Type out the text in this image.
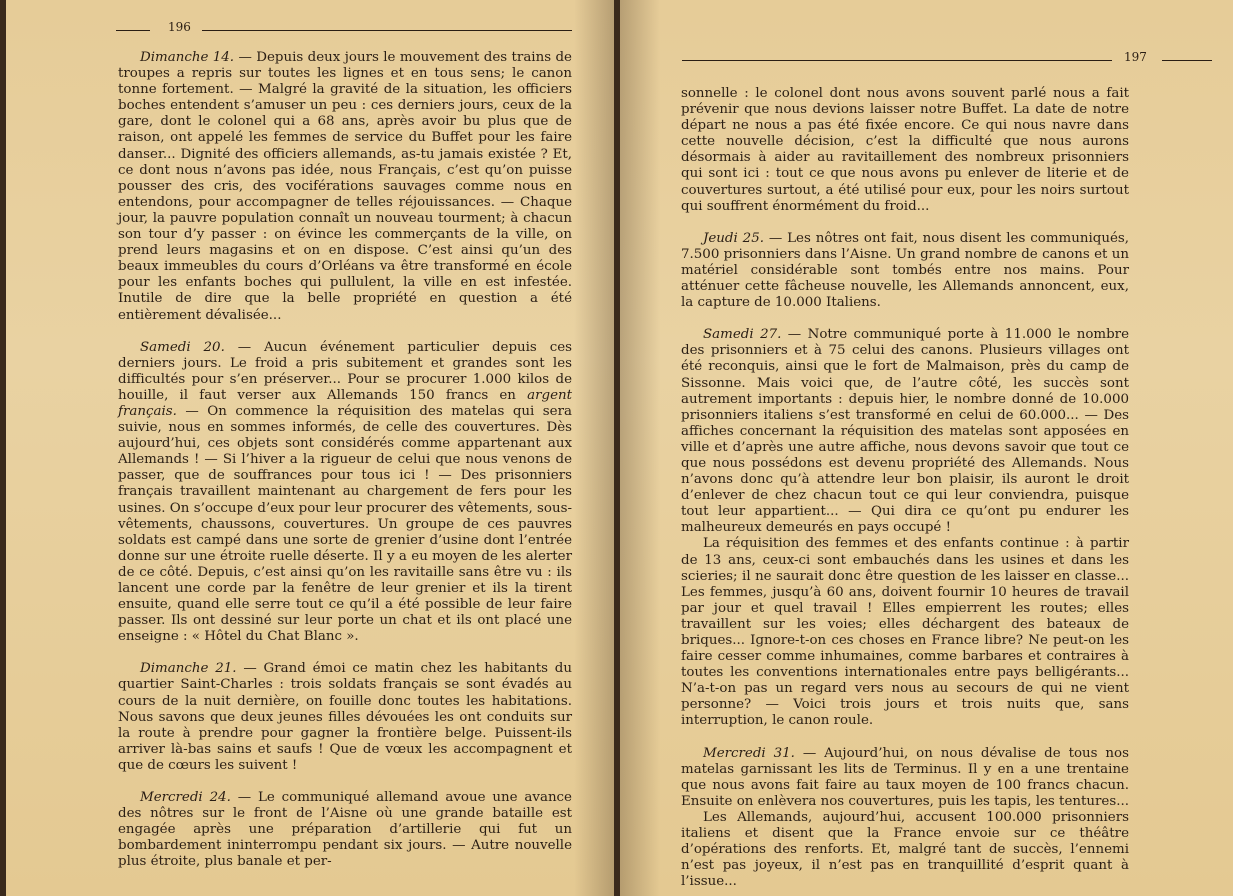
196

Dimanche 14. — Depuis deux jours le mouvement des trains de troupes a repris sur toutes les lignes et en tous sens; le canon tonne fortement. — Malgré la gravité de la situation, les officiers boches entendent s’amuser un peu : ces derniers jours, ceux de la gare, dont le colonel qui a 68 ans, après avoir bu plus que de raison, ont appelé les femmes de service du Buffet pour les faire danser... Dignité des officiers allemands, as-tu jamais existée ? Et, ce dont nous n’avons pas idée, nous Français, c’est qu’on puisse pousser des cris, des vociférations sauvages comme nous en entendons, pour accompagner de telles réjouissances. — Chaque jour, la pauvre population connaît un nouveau tourment; à chacun son tour d’y passer : on évince les commerçants de la ville, on prend leurs magasins et on en dispose. C’est ainsi qu’un des beaux immeubles du cours d’Orléans va être transformé en école pour les enfants boches qui pullulent, la ville en est infestée. Inutile de dire que la belle propriété en question a été entièrement dévalisée...

Samedi 20. — Aucun événement particulier depuis ces derniers jours. Le froid a pris subitement et grandes sont les difficultés pour s’en préserver... Pour se procurer 1.000 kilos de houille, il faut verser aux Allemands 150 francs en argent français. — On commence la réquisition des matelas qui sera suivie, nous en sommes informés, de celle des couvertures. Dès aujourd’hui, ces objets sont considérés comme appartenant aux Allemands ! — Si l’hiver a la rigueur de celui que nous venons de passer, que de souffrances pour tous ici ! — Des prisonniers français travaillent maintenant au chargement de fers pour les usines. On s’occupe d’eux pour leur procurer des vêtements, sous-vêtements, chaussons, couvertures. Un groupe de ces pauvres soldats est campé dans une sorte de grenier d’usine dont l’entrée donne sur une étroite ruelle déserte. Il y a eu moyen de les alerter de ce côté. Depuis, c’est ainsi qu’on les ravitaille sans être vu : ils lancent une corde par la fenêtre de leur grenier et ils la tirent ensuite, quand elle serre tout ce qu’il a été possible de leur faire passer. Ils ont dessiné sur leur porte un chat et ils ont placé une enseigne : « Hôtel du Chat Blanc ».

Dimanche 21. — Grand émoi ce matin chez les habitants du quartier Saint-Charles : trois soldats français se sont évadés au cours de la nuit dernière, on fouille donc toutes les habitations. Nous savons que deux jeunes filles dévouées les ont conduits sur la route à prendre pour gagner la frontière belge. Puissent-ils arriver là-bas sains et saufs ! Que de vœux les accompagnent et que de cœurs les suivent !

Mercredi 24. — Le communiqué allemand avoue une avance des nôtres sur le front de l’Aisne où une grande bataille est engagée après une préparation d’artillerie qui fut un bombardement ininterrompu pendant six jours. — Autre nouvelle plus étroite, plus banale et per-

197

sonnelle : le colonel dont nous avons souvent parlé nous a fait prévenir que nous devions laisser notre Buffet. La date de notre départ ne nous a pas été fixée encore. Ce qui nous navre dans cette nouvelle décision, c’est la difficulté que nous aurons désormais à aider au ravitaillement des nombreux prisonniers qui sont ici : tout ce que nous avons pu enlever de literie et de couvertures surtout, a été utilisé pour eux, pour les noirs surtout qui souffrent énormément du froid...

Jeudi 25. — Les nôtres ont fait, nous disent les communiqués, 7.500 prisonniers dans l’Aisne. Un grand nombre de canons et un matériel considérable sont tombés entre nos mains. Pour atténuer cette fâcheuse nouvelle, les Allemands annoncent, eux, la capture de 10.000 Italiens.

Samedi 27. — Notre communiqué porte à 11.000 le nombre des prisonniers et à 75 celui des canons. Plusieurs villages ont été reconquis, ainsi que le fort de Malmaison, près du camp de Sissonne. Mais voici que, de l’autre côté, les succès sont autrement importants : depuis hier, le nombre donné de 10.000 prisonniers italiens s’est transformé en celui de 60.000... — Des affiches concernant la réquisition des matelas sont apposées en ville et d’après une autre affiche, nous devons savoir que tout ce que nous possédons est devenu propriété des Allemands. Nous n’avons donc qu’à attendre leur bon plaisir, ils auront le droit d’enlever de chez chacun tout ce qui leur conviendra, puisque tout leur appartient... — Qui dira ce qu’ont pu endurer les malheureux demeurés en pays occupé !

La réquisition des femmes et des enfants continue : à partir de 13 ans, ceux-ci sont embauchés dans les usines et dans les scieries; il ne saurait donc être question de les laisser en classe... Les femmes, jusqu’à 60 ans, doivent fournir 10 heures de travail par jour et quel travail ! Elles empierrent les routes; elles travaillent sur les voies; elles déchargent des bateaux de briques... Ignore-t-on ces choses en France libre? Ne peut-on les faire cesser comme inhumaines, comme barbares et contraires à toutes les conventions internationales entre pays belligérants... N’a-t-on pas un regard vers nous au secours de qui ne vient personne? — Voici trois jours et trois nuits que, sans interruption, le canon roule.

Mercredi 31. — Aujourd’hui, on nous dévalise de tous nos matelas garnissant les lits de Terminus. Il y en a une trentaine que nous avons fait faire au taux moyen de 100 francs chacun. Ensuite on enlèvera nos couvertures, puis les tapis, les tentures...

Les Allemands, aujourd’hui, accusent 100.000 prisonniers italiens et disent que la France envoie sur ce théâtre d’opérations des renforts. Et, malgré tant de succès, l’ennemi n’est pas joyeux, il n’est pas en tranquillité d’esprit quant à l’issue...
